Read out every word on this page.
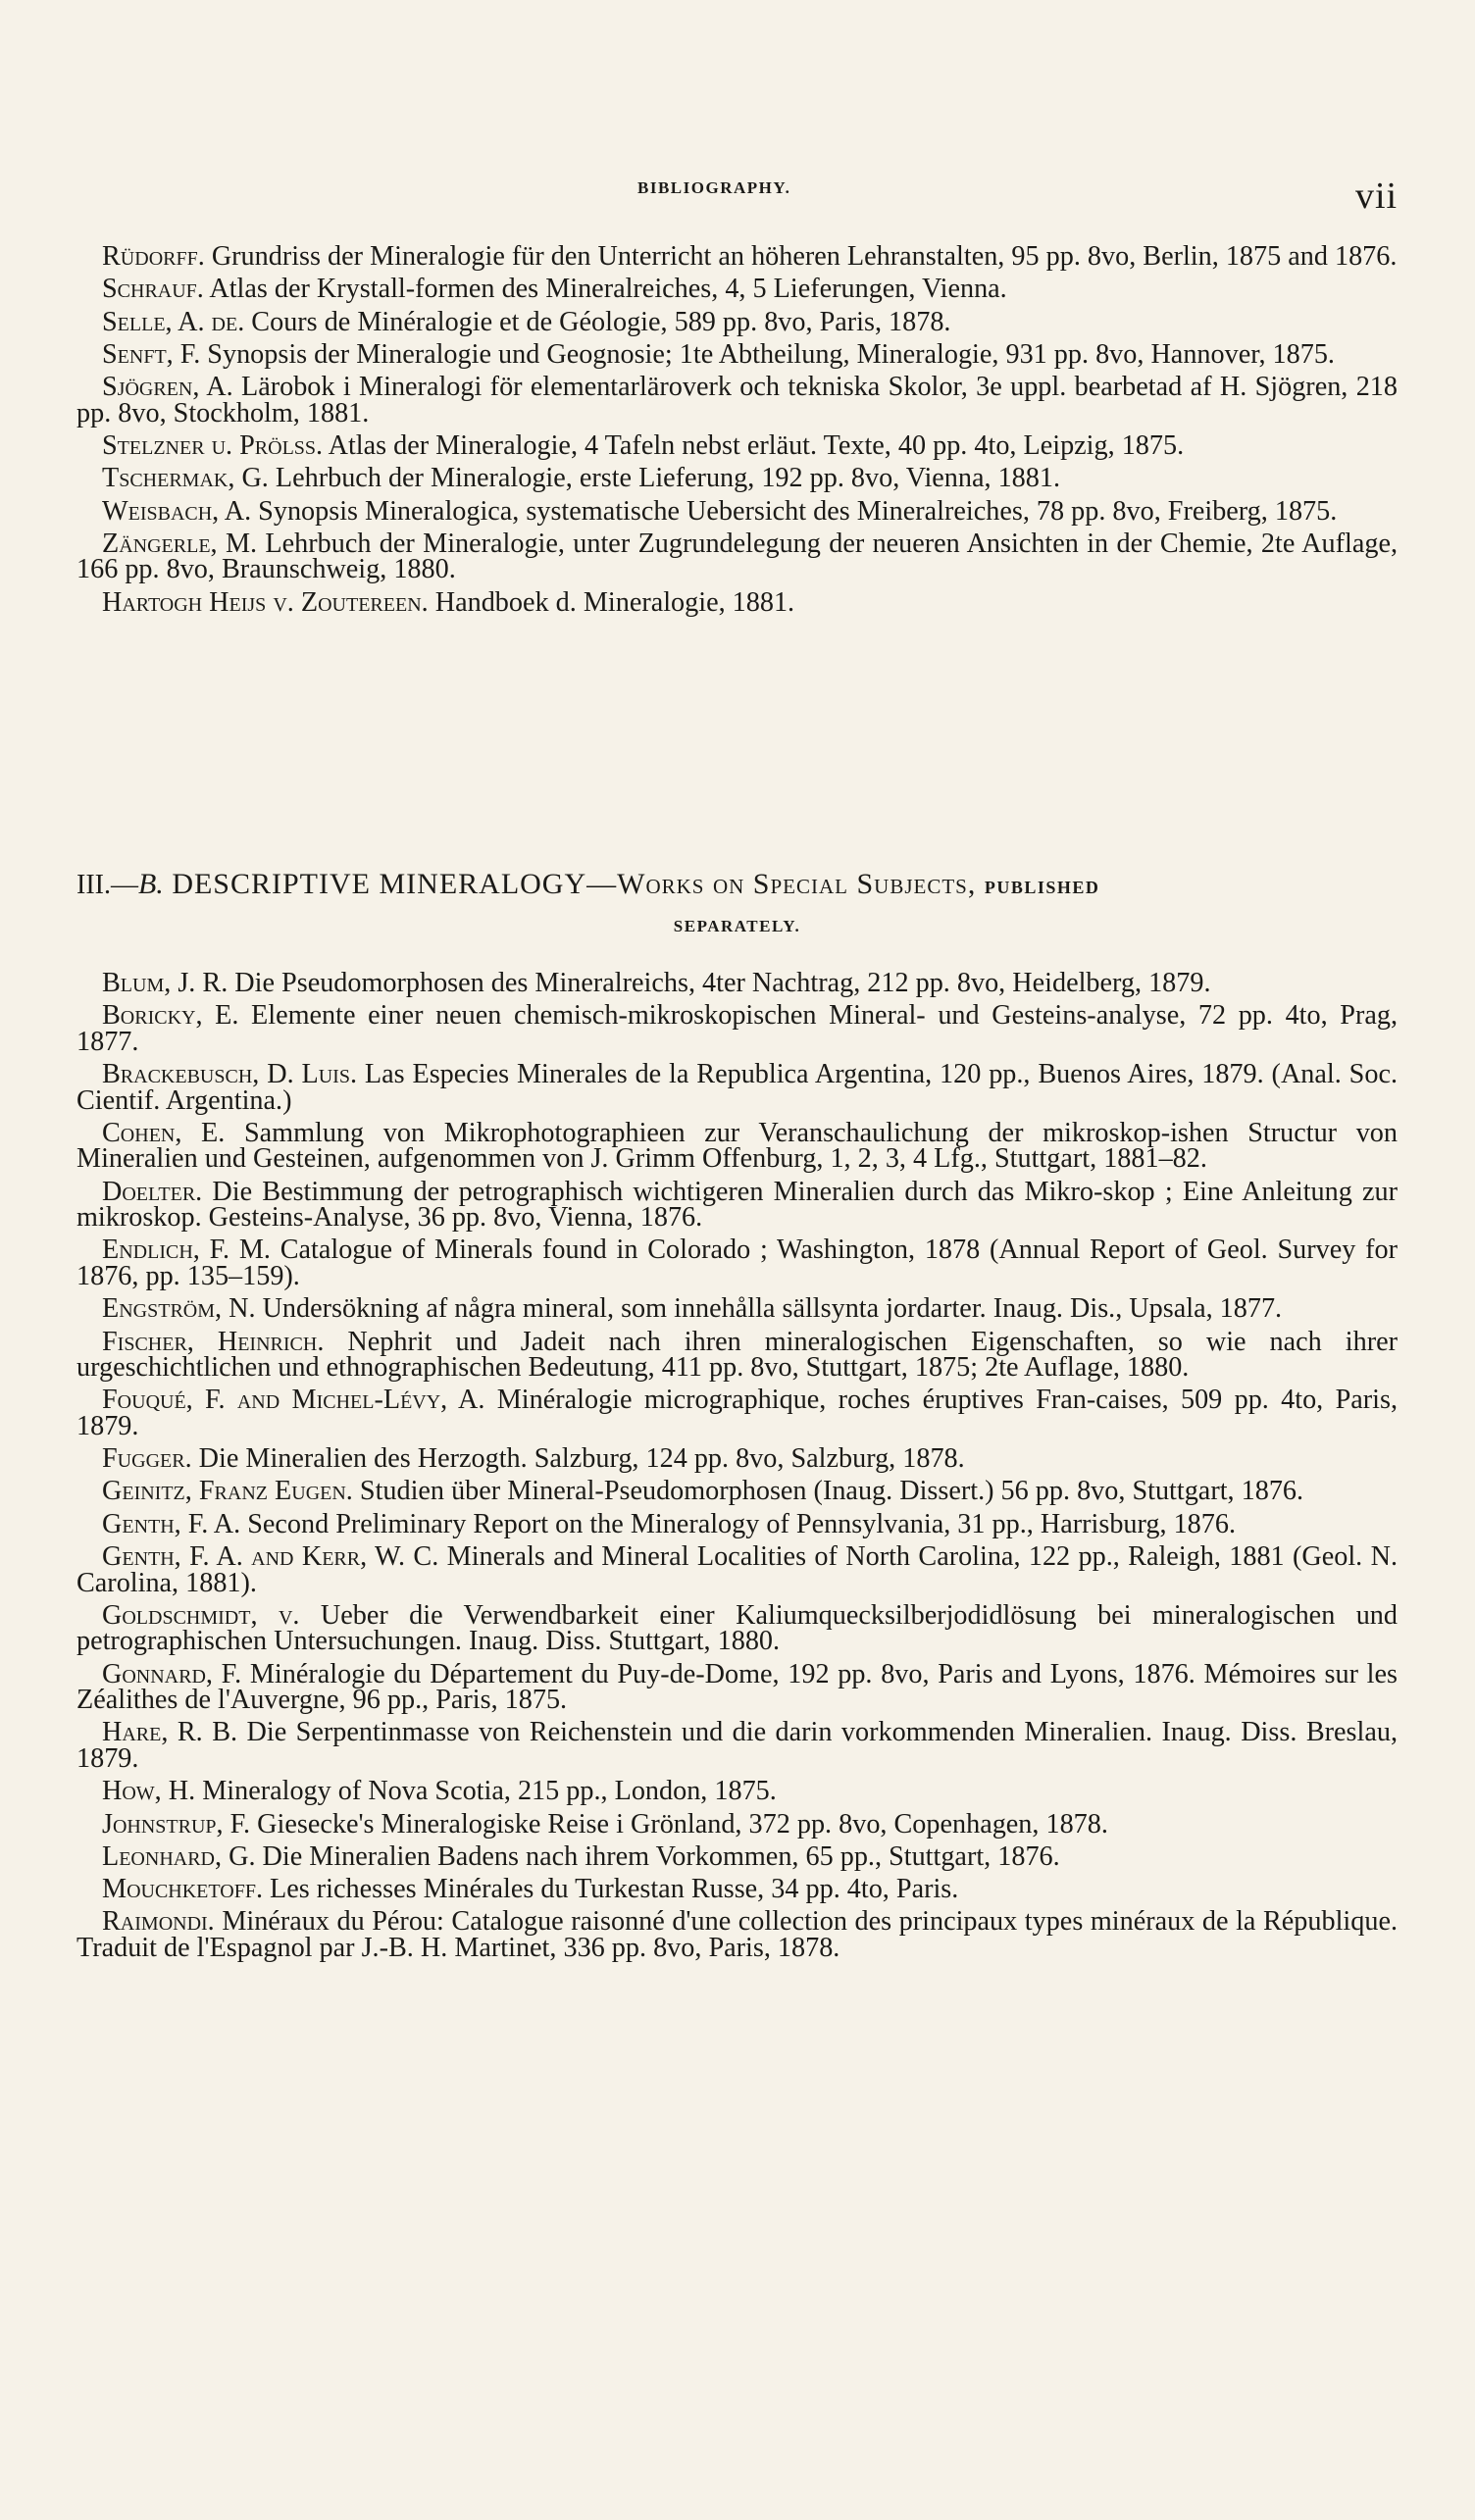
BIBLIOGRAPHY.	vii

Rüdorff. Grundriss der Mineralogie für den Unterricht an höheren Lehranstalten, 95 pp. 8vo, Berlin, 1875 and 1876.

Schrauf. Atlas der Krystall-formen des Mineralreiches, 4, 5 Lieferungen, Vienna.

Selle, A. de. Cours de Minéralogie et de Géologie, 589 pp. 8vo, Paris, 1878.

Senft, F. Synopsis der Mineralogie und Geognosie; 1te Abtheilung, Mineralogie, 931 pp. 8vo, Hannover, 1875.

Sjögren, A. Lärobok i Mineralogi för elementarläroverk och tekniska Skolor, 3e uppl. bearbetad af H. Sjögren, 218 pp. 8vo, Stockholm, 1881.

Stelzner u. Prölss. Atlas der Mineralogie, 4 Tafeln nebst erläut. Texte, 40 pp. 4to, Leipzig, 1875.

Tschermak, G. Lehrbuch der Mineralogie, erste Lieferung, 192 pp. 8vo, Vienna, 1881.

Weisbach, A. Synopsis Mineralogica, systematische Uebersicht des Mineralreiches, 78 pp. 8vo, Freiberg, 1875.

Zängerle, M. Lehrbuch der Mineralogie, unter Zugrundelegung der neueren Ansichten in der Chemie, 2te Auflage, 166 pp. 8vo, Braunschweig, 1880.

Hartogh Heijs v. Zoutereen. Handboek d. Mineralogie, 1881.

III.—B. DESCRIPTIVE MINERALOGY—Works on Special Subjects, PUBLISHED
SEPARATELY.

Blum, J. R. Die Pseudomorphosen des Mineralreichs, 4ter Nachtrag, 212 pp. 8vo, Heidelberg, 1879.

Boricky, E. Elemente einer neuen chemisch-mikroskopischen Mineral- und Gesteins-analyse, 72 pp. 4to, Prag, 1877.

Brackebusch, D. Luis. Las Especies Minerales de la Republica Argentina, 120 pp., Buenos Aires, 1879. (Anal. Soc. Cientif. Argentina.)

Cohen, E. Sammlung von Mikrophotographieen zur Veranschaulichung der mikroskop-ishen Structur von Mineralien und Gesteinen, aufgenommen von J. Grimm Offenburg, 1, 2, 3, 4 Lfg., Stuttgart, 1881–82.

Doelter. Die Bestimmung der petrographisch wichtigeren Mineralien durch das Mikro-skop ; Eine Anleitung zur mikroskop. Gesteins-Analyse, 36 pp. 8vo, Vienna, 1876.

Endlich, F. M. Catalogue of Minerals found in Colorado ; Washington, 1878 (Annual Report of Geol. Survey for 1876, pp. 135–159).

Engström, N. Undersökning af några mineral, som innehålla sällsynta jordarter. Inaug. Dis., Upsala, 1877.

Fischer, Heinrich. Nephrit und Jadeit nach ihren mineralogischen Eigenschaften, so wie nach ihrer urgeschichtlichen und ethnographischen Bedeutung, 411 pp. 8vo, Stuttgart, 1875; 2te Auflage, 1880.

Fouqué, F. and Michel-Lévy, A. Minéralogie micrographique, roches éruptives Fran-caises, 509 pp. 4to, Paris, 1879.

Fugger. Die Mineralien des Herzogth. Salzburg, 124 pp. 8vo, Salzburg, 1878.

Geinitz, Franz Eugen. Studien über Mineral-Pseudomorphosen (Inaug. Dissert.) 56 pp. 8vo, Stuttgart, 1876.

Genth, F. A. Second Preliminary Report on the Mineralogy of Pennsylvania, 31 pp., Harrisburg, 1876.

Genth, F. A. and Kerr, W. C. Minerals and Mineral Localities of North Carolina, 122 pp., Raleigh, 1881 (Geol. N. Carolina, 1881).

Goldschmidt, v. Ueber die Verwendbarkeit einer Kaliumquecksilberjodidlösung bei mineralogischen und petrographischen Untersuchungen. Inaug. Diss. Stuttgart, 1880.

Gonnard, F. Minéralogie du Département du Puy-de-Dome, 192 pp. 8vo, Paris and Lyons, 1876. Mémoires sur les Zéalithes de l'Auvergne, 96 pp., Paris, 1875.

Hare, R. B. Die Serpentinmasse von Reichenstein und die darin vorkommenden Mineralien. Inaug. Diss. Breslau, 1879.

How, H. Mineralogy of Nova Scotia, 215 pp., London, 1875.

Johnstrup, F. Giesecke's Mineralogiske Reise i Grönland, 372 pp. 8vo, Copenhagen, 1878.

Leonhard, G. Die Mineralien Badens nach ihrem Vorkommen, 65 pp., Stuttgart, 1876.

Mouchketoff. Les richesses Minérales du Turkestan Russe, 34 pp. 4to, Paris.

Raimondi. Minéraux du Pérou: Catalogue raisonné d'une collection des principaux types minéraux de la République. Traduit de l'Espagnol par J.-B. H. Martinet, 336 pp. 8vo, Paris, 1878.
